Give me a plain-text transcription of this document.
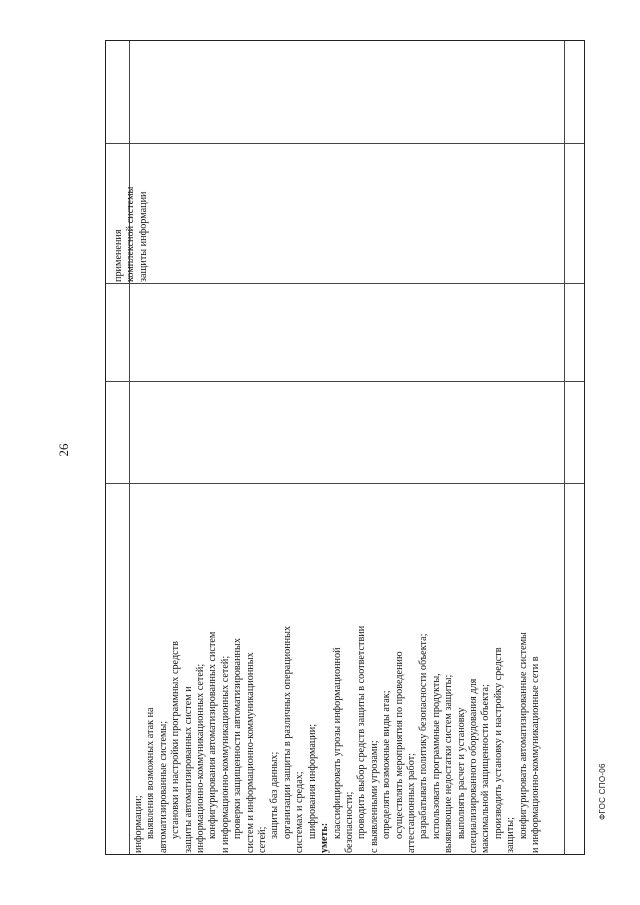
26
ФГОС СПО-06
информации; выявления возможных атак на автоматизированные системы; установки и настройки программных средств защиты автоматизированных систем и информационно-коммуникационных сетей; конфигурирования автоматизированных систем и информационно-коммуникационных сетей; проверки защищенности автоматизированных систем и информационно-коммуникационных сетей;
защиты баз данных; организации защиты в различных операционных системах и средах; шифрования информации; уметь: классифицировать угрозы информационной безопасности; проводить выбор средств защиты в соответствии с выявленными угрозами; определять возможные виды атак; осуществлять мероприятия по проведению аттестационных работ; разрабатывать политику безопасности объекта; использовать программные продукты, выявляющие недостатки систем защиты; выполнять расчет и установку специализированного оборудования для максимальной защищенности объекта; производить установку и настройку средств защиты; конфигурировать автоматизированные системы и информационно-коммуникационные сети в
применения комплексной системы защиты информации
